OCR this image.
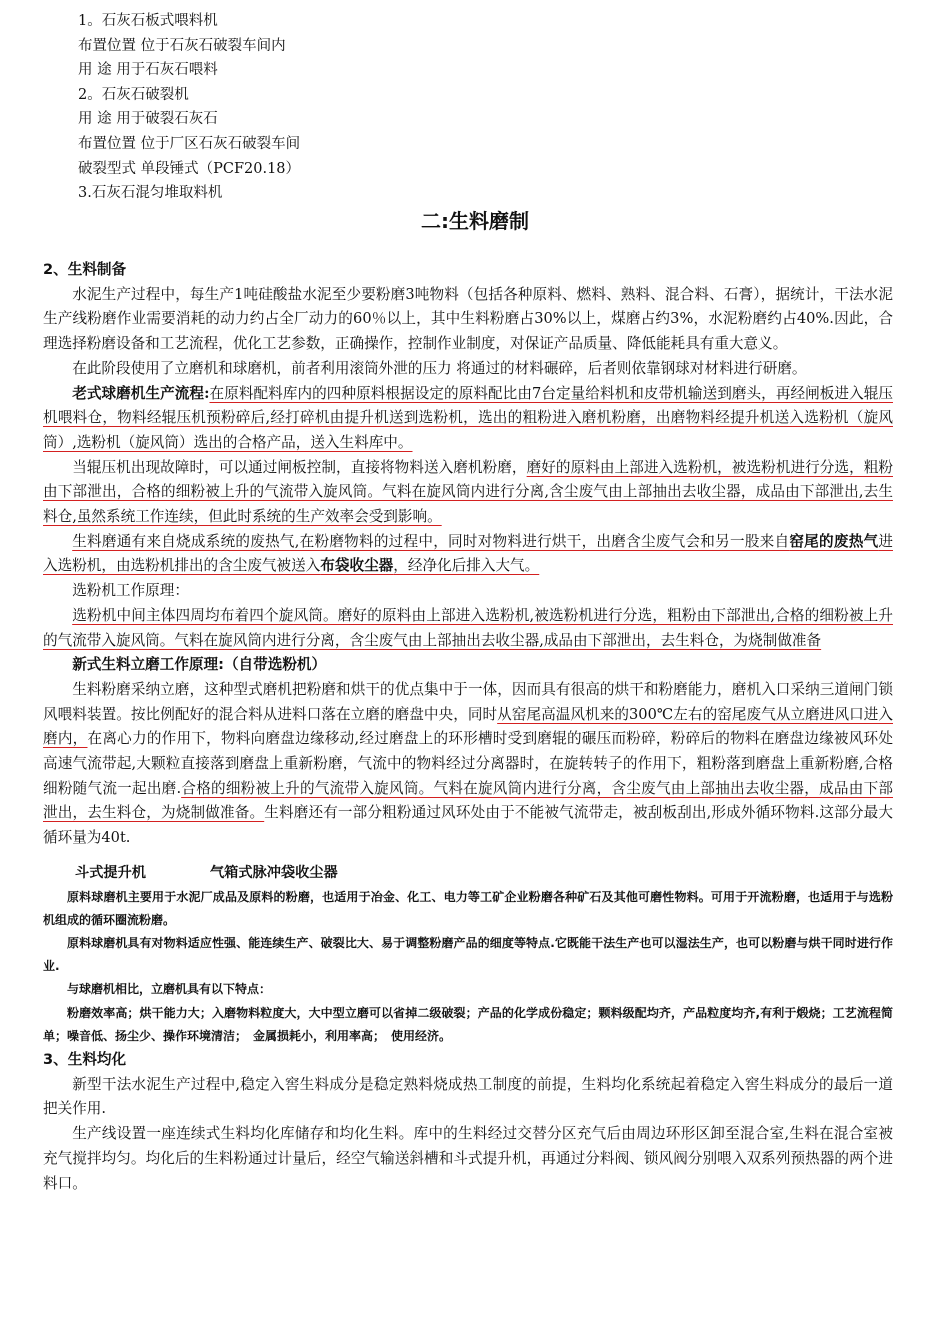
1。石灰石板式喂料机
布置位置 位于石灰石破裂车间内
用 途 用于石灰石喂料
2。石灰石破裂机
用 途 用于破裂石灰石
布置位置 位于厂区石灰石破裂车间
破裂型式 单段锤式（PCF20.18）
3.石灰石混匀堆取料机
二:生料磨制

2、生料制备

水泥生产过程中，每生产1吨硅酸盐水泥至少要粉磨3吨物料（包括各种原料、燃料、熟料、混合料、石膏），据统计，干法水泥生产线粉磨作业需要消耗的动力约占全厂动力的60％以上，其中生料粉磨占30%以上，煤磨占约3%，水泥粉磨约占40%.因此，合理选择粉磨设备和工艺流程，优化工艺参数，正确操作，控制作业制度，对保证产品质量、降低能耗具有重大意义。

在此阶段使用了立磨机和球磨机，前者利用滚筒外泄的压力 将通过的材料碾碎，后者则依靠钢球对材料进行研磨。

老式球磨机生产流程:在原料配料库内的四种原料根据设定的原料配比由7台定量给料机和皮带机输送到磨头，再经闸板进入辊压机喂料仓，物料经辊压机预粉碎后,经打碎机由提升机送到选粉机，选出的粗粉进入磨机粉磨，出磨物料经提升机送入选粉机（旋风筒）,选粉机（旋风筒）选出的合格产品，送入生料库中。

当辊压机出现故障时，可以通过闸板控制，直接将物料送入磨机粉磨，磨好的原料由上部进入选粉机，被选粉机进行分选，粗粉由下部泄出，合格的细粉被上升的气流带入旋风筒。气料在旋风筒内进行分离,含尘废气由上部抽出去收尘器，成品由下部泄出,去生料仓,虽然系统工作连续，但此时系统的生产效率会受到影响。

生料磨通有来自烧成系统的废热气,在粉磨物料的过程中，同时对物料进行烘干，出磨含尘废气会和另一股来自窑尾的废热气进入选粉机，由选粉机排出的含尘废气被送入布袋收尘器，经净化后排入大气。

选粉机工作原理：

选粉机中间主体四周均布着四个旋风筒。磨好的原料由上部进入选粉机,被选粉机进行分选，粗粉由下部泄出,合格的细粉被上升的气流带入旋风筒。气料在旋风筒内进行分离，含尘废气由上部抽出去收尘器,成品由下部泄出，去生料仓，为烧制做准备

新式生料立磨工作原理:（自带选粉机）

生料粉磨采纳立磨，这种型式磨机把粉磨和烘干的优点集中于一体，因而具有很高的烘干和粉磨能力，磨机入口采纳三道闸门锁风喂料装置。按比例配好的混合料从进料口落在立磨的磨盘中央，同时从窑尾高温风机来的300℃左右的窑尾废气从立磨进风口进入磨内，在离心力的作用下，物料向磨盘边缘移动,经过磨盘上的环形槽时受到磨辊的碾压而粉碎，粉碎后的物料在磨盘边缘被风环处高速气流带起,大颗粒直接落到磨盘上重新粉磨，气流中的物料经过分离器时，在旋转转子的作用下，粗粉落到磨盘上重新粉磨,合格细粉随气流一起出磨.合格的细粉被上升的气流带入旋风筒。气料在旋风筒内进行分离，含尘废气由上部抽出去收尘器，成品由下部泄出，去生料仓，为烧制做准备。生料磨还有一部分粗粉通过风环处由于不能被气流带走，被刮板刮出,形成外循环物料.这部分最大循环量为40t.

斗式提升机	气箱式脉冲袋收尘器

原料球磨机主要用于水泥厂成品及原料的粉磨，也适用于冶金、化工、电力等工矿企业粉磨各种矿石及其他可磨性物料。可用于开流粉磨，也适用于与选粉机组成的循环圈流粉磨。

原料球磨机具有对物料适应性强、能连续生产、破裂比大、易于调整粉磨产品的细度等特点.它既能干法生产也可以湿法生产，也可以粉磨与烘干同时进行作业.

与球磨机相比，立磨机具有以下特点：

粉磨效率高；烘干能力大；入磨物料粒度大，大中型立磨可以省掉二级破裂；产品的化学成份稳定；颗料级配均齐，产品粒度均齐,有利于煅烧；工艺流程简单；噪音低、扬尘少、操作环境清洁；　金属损耗小，利用率高；　使用经济。

3、生料均化

新型干法水泥生产过程中,稳定入窖生料成分是稳定熟料烧成热工制度的前提，生料均化系统起着稳定入窖生料成分的最后一道把关作用.

生产线设置一座连续式生料均化库储存和均化生料。库中的生料经过交替分区充气后由周边环形区卸至混合室,生料在混合室被充气搅拌均匀。均化后的生料粉通过计量后，经空气输送斜槽和斗式提升机，再通过分料阀、锁风阀分别喂入双系列预热器的两个进料口。
